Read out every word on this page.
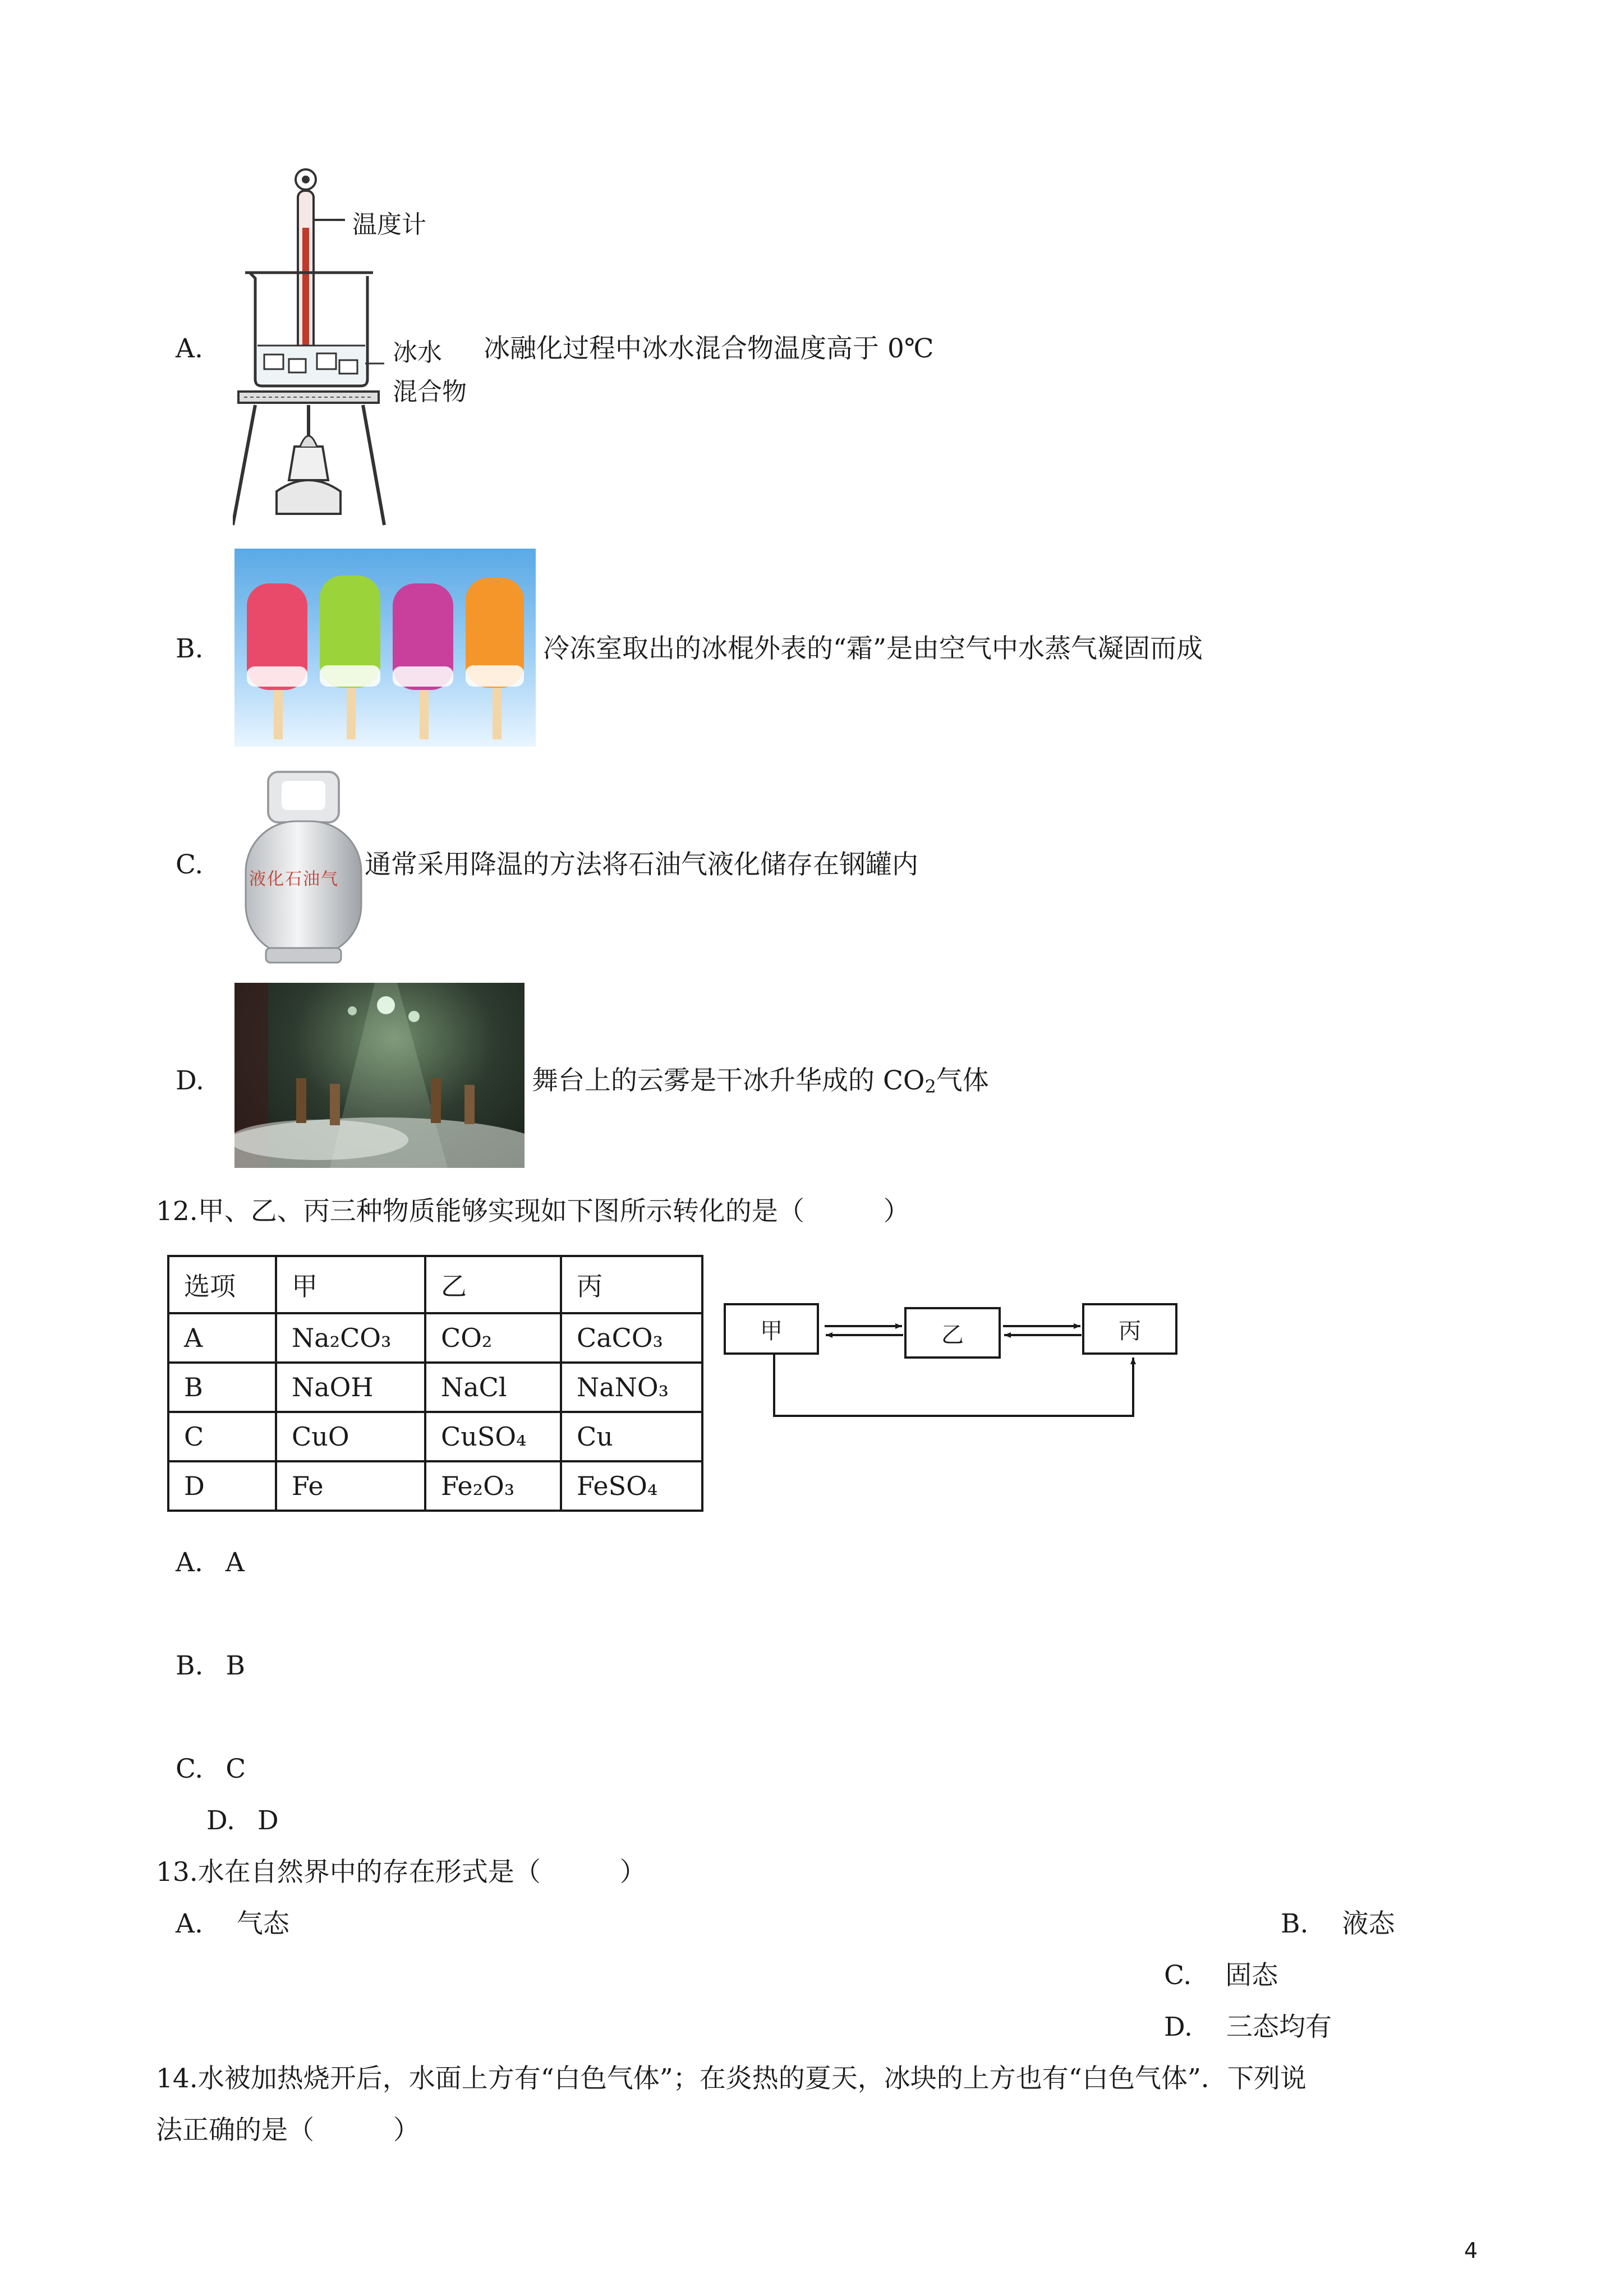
A.
温度计
冰水
混合物
冰融化过程中冰水混合物温度高于 0℃
B.	冷冻室取出的冰棍外表的“霜”是由空气中水蒸气凝固而成
C.	液化石油气 通常采用降温的方法将石油气液化储存在钢罐内
D.	舞台上的云雾是干冰升华成的 $CO_2$气体
12.甲、乙、丙三种物质能够实现如下图所示转化的是（　　　）
选项	甲	乙	丙
A	Na₂CO₃	CO₂	CaCO₃
B	NaOH	NaCl	NaNO₃
C	CuO	CuSO₄	Cu
D	Fe	Fe₂O₃	FeSO₄
甲	乙	丙
A. A
B. B
C. C
D. D
13.水在自然界中的存在形式是（　　　）
A. 气态	B. 液态
C. 固态
D. 三态均有
14.水被加热烧开后，水面上方有“白色气体”；在炎热的夏天，冰块的上方也有“白色气体”．下列说
法正确的是（　　　）
4
